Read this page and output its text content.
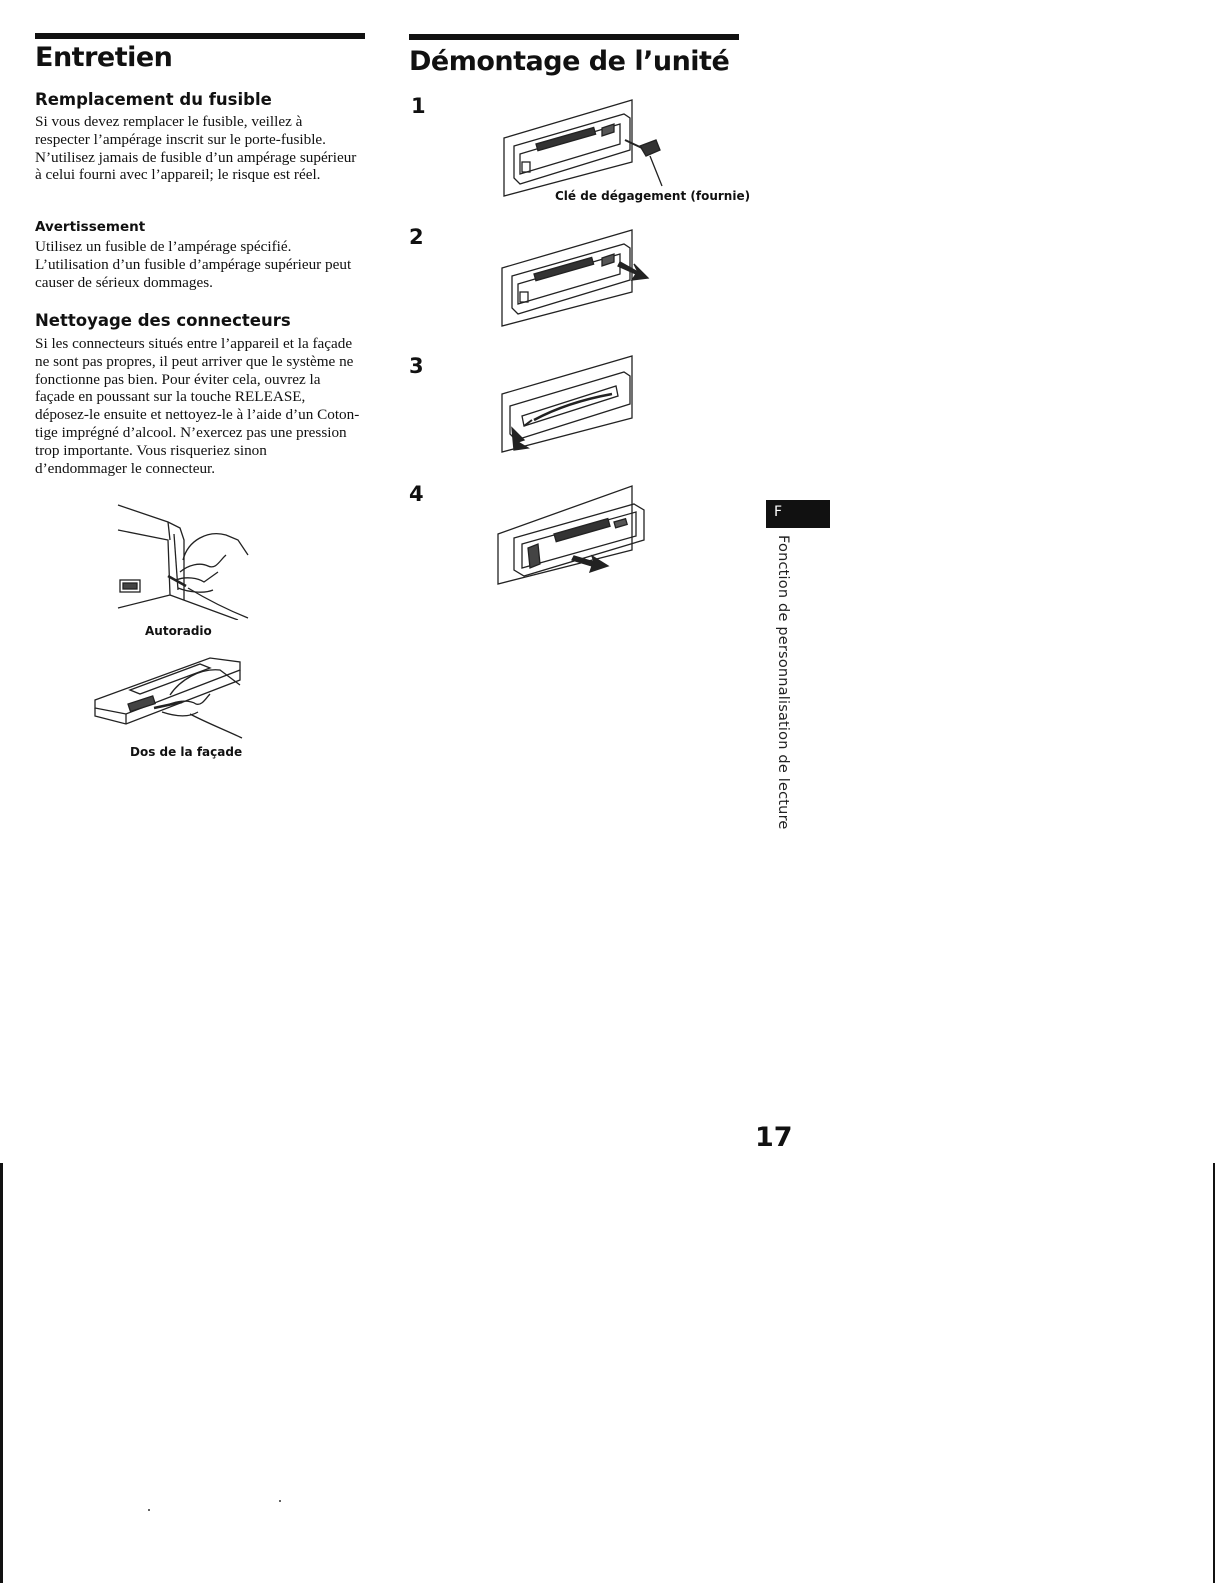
Entretien
Remplacement du fusible

Si vous devez remplacer le fusible, veillez à respecter l’ampérage inscrit sur le porte-fusible. N’utilisez jamais de fusible d’un ampérage supérieur à celui fourni avec l’appareil; le risque est réel.

Avertissement

Utilisez un fusible de l’ampérage spécifié. L’utilisation d’un fusible d’ampérage supérieur peut causer de sérieux dommages.

Nettoyage des connecteurs

Si les connecteurs situés entre l’appareil et la façade ne sont pas propres, il peut arriver que le système ne fonctionne pas bien. Pour éviter cela, ouvrez la façade en poussant sur la touche RELEASE, déposez-le ensuite et nettoyez-le à l’aide d’un Coton-tige imprégné d’alcool. N’exercez pas une pression trop importante. Vous risqueriez sinon d’endommager le connecteur.

Autoradio

Dos de la façade

Démontage de l’unité

1

Clé de dégagement (fournie)

2

3

4

F
Fonction de personnalisation de lecture

17
